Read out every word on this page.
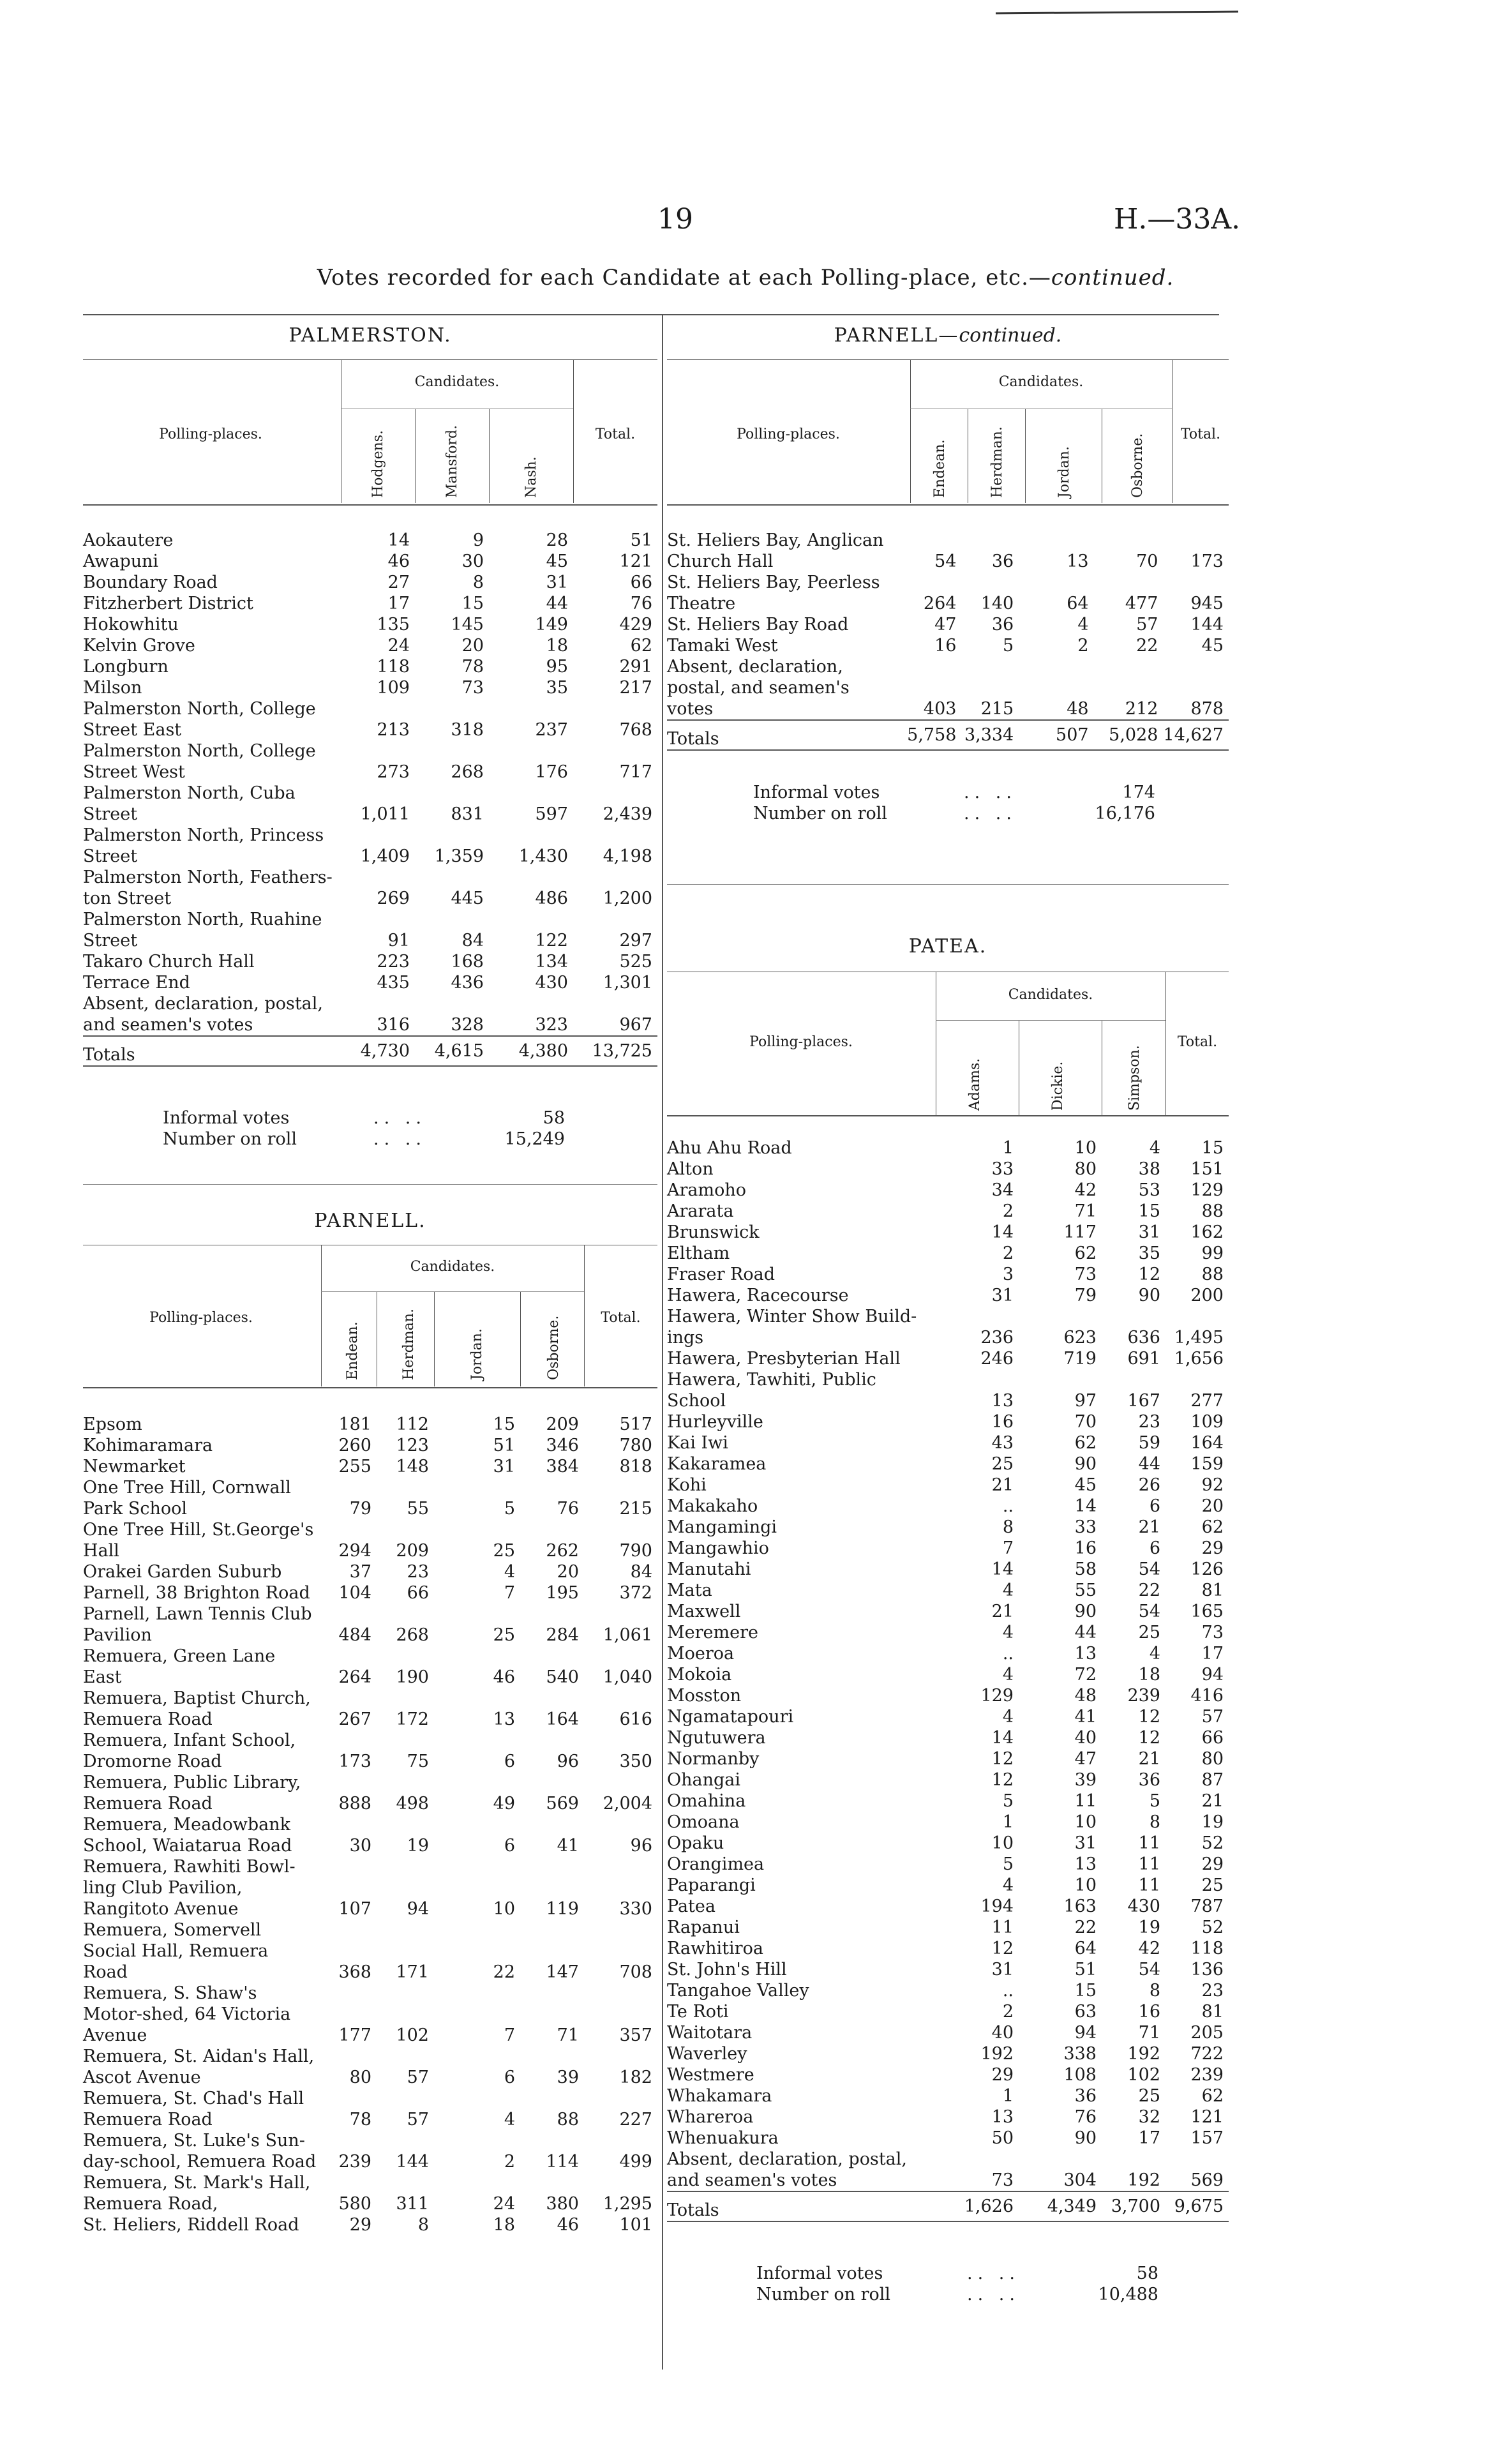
19	H.—33A.
Votes recorded for each Candidate at each Polling-place, etc.—continued.
PALMERSTON.
Candidates.
Polling-places.	Total.
Hodgens.	Mansford.	Nash.
Aokautere	14	9	28	51
Awapuni	46	30	45	121
Boundary Road	27	8	31	66
Fitzherbert District	17	15	44	76
Hokowhitu	135	145	149	429
Kelvin Grove	24	20	18	62
Longburn	118	78	95	291
Milson	109	73	35	217
Palmerston North, College Street East	213	318	237	768
Palmerston North, College Street West	273	268	176	717
Palmerston North, Cuba Street	1,011	831	597	2,439
Palmerston North, Princess Street	1,409	1,359	1,430	4,198
Palmerston North, Feathers-ton Street	269	445	486	1,200
Palmerston North, Ruahine Street	91	84	122	297
Takaro Church Hall	223	168	134	525
Terrace End	435	436	430	1,301
Absent, declaration, postal, and seamen's votes	316	328	323	967
Totals	4,730	4,615	4,380	13,725
Informal votes	.. ..	58
Number on roll	.. ..	15,249
PARNELL.
Candidates.
Polling-places.	Total.
Endean.	Herdman.	Jordan.	Osborne.
Epsom	181	112	15	209	517
Kohimaramara	260	123	51	346	780
Newmarket	255	148	31	384	818
One Tree Hill, Cornwall Park School	79	55	5	76	215
One Tree Hill, St.George's Hall	294	209	25	262	790
Orakei Garden Suburb	37	23	4	20	84
Parnell, 38 Brighton Road	104	66	7	195	372
Parnell, Lawn Tennis Club Pavilion	484	268	25	284	1,061
Remuera, Green Lane East	264	190	46	540	1,040
Remuera, Baptist Church, Remuera Road	267	172	13	164	616
Remuera, Infant School, Dromorne Road	173	75	6	96	350
Remuera, Public Library, Remuera Road	888	498	49	569	2,004
Remuera, Meadowbank School, Waiatarua Road	30	19	6	41	96
Remuera, Rawhiti Bowl-ling Club Pavilion, Rangitoto Avenue	107	94	10	119	330
Remuera, Somervell Social Hall, Remuera Road	368	171	22	147	708
Remuera, S. Shaw's Motor-shed, 64 Victoria Avenue	177	102	7	71	357
Remuera, St. Aidan's Hall, Ascot Avenue	80	57	6	39	182
Remuera, St. Chad's Hall Remuera Road	78	57	4	88	227
Remuera, St. Luke's Sun-day-school, Remuera Road	239	144	2	114	499
Remuera, St. Mark's Hall, Remuera Road,	580	311	24	380	1,295
St. Heliers, Riddell Road	29	8	18	46	101
PARNELL—continued.
Candidates.
Polling-places.	Total.
Endean.	Herdman.	Jordan.	Osborne.
St. Heliers Bay, Anglican Church Hall	54	36	13	70	173
St. Heliers Bay, Peerless Theatre	264	140	64	477	945
St. Heliers Bay Road	47	36	4	57	144
Tamaki West	16	5	2	22	45
Absent, declaration, postal, and seamen's votes	403	215	48	212	878
Totals	5,758	3,334	507	5,028	14,627
Informal votes	.. ..	174
Number on roll	.. ..	16,176
PATEA.
Candidates.
Polling-places.	Total.
Adams.	Dickie.	Simpson.
Ahu Ahu Road	1	10	4	15
Alton	33	80	38	151
Aramoho	34	42	53	129
Ararata	2	71	15	88
Brunswick	14	117	31	162
Eltham	2	62	35	99
Fraser Road	3	73	12	88
Hawera, Racecourse	31	79	90	200
Hawera, Winter Show Build-ings	236	623	636	1,495
Hawera, Presbyterian Hall	246	719	691	1,656
Hawera, Tawhiti, Public School	13	97	167	277
Hurleyville	16	70	23	109
Kai Iwi	43	62	59	164
Kakaramea	25	90	44	159
Kohi	21	45	26	92
Makakaho	..	14	6	20
Mangamingi	8	33	21	62
Mangawhio	7	16	6	29
Manutahi	14	58	54	126
Mata	4	55	22	81
Maxwell	21	90	54	165
Meremere	4	44	25	73
Moeroa	..	13	4	17
Mokoia	4	72	18	94
Mosston	129	48	239	416
Ngamatapouri	4	41	12	57
Ngutuwera	14	40	12	66
Normanby	12	47	21	80
Ohangai	12	39	36	87
Omahina	5	11	5	21
Omoana	1	10	8	19
Opaku	10	31	11	52
Orangimea	5	13	11	29
Paparangi	4	10	11	25
Patea	194	163	430	787
Rapanui	11	22	19	52
Rawhitiroa	12	64	42	118
St. John's Hill	31	51	54	136
Tangahoe Valley	..	15	8	23
Te Roti	2	63	16	81
Waitotara	40	94	71	205
Waverley	192	338	192	722
Westmere	29	108	102	239
Whakamara	1	36	25	62
Whareroa	13	76	32	121
Whenuakura	50	90	17	157
Absent, declaration, postal, and seamen's votes	73	304	192	569
Totals	1,626	4,349	3,700	9,675
Informal votes	.. ..	58
Number on roll	.. ..	10,488
